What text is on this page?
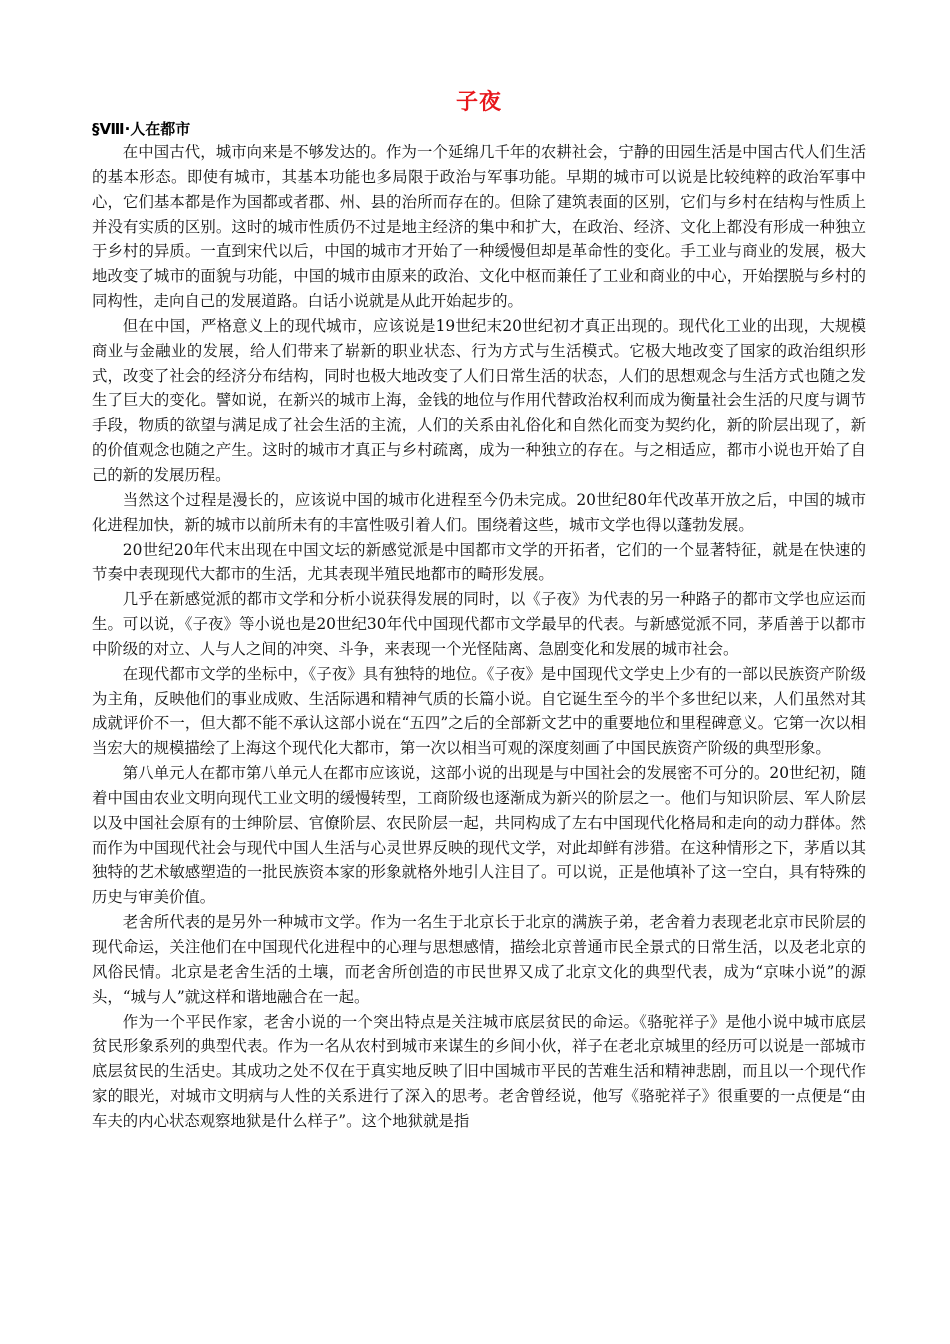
子夜
§Ⅷ·人在都市

在中国古代，城市向来是不够发达的。作为一个延绵几千年的农耕社会，宁静的田园生活是中国古代人们生活的基本形态。即使有城市，其基本功能也多局限于政治与军事功能。早期的城市可以说是比较纯粹的政治军事中心，它们基本都是作为国都或者郡、州、县的治所而存在的。但除了建筑表面的区别，它们与乡村在结构与性质上并没有实质的区别。这时的城市性质仍不过是地主经济的集中和扩大，在政治、经济、文化上都没有形成一种独立于乡村的异质。一直到宋代以后，中国的城市才开始了一种缓慢但却是革命性的变化。手工业与商业的发展，极大地改变了城市的面貌与功能，中国的城市由原来的政治、文化中枢而兼任了工业和商业的中心，开始摆脱与乡村的同构性，走向自己的发展道路。白话小说就是从此开始起步的。

但在中国，严格意义上的现代城市，应该说是19世纪末20世纪初才真正出现的。现代化工业的出现，大规模商业与金融业的发展，给人们带来了崭新的职业状态、行为方式与生活模式。它极大地改变了国家的政治组织形式，改变了社会的经济分布结构，同时也极大地改变了人们日常生活的状态，人们的思想观念与生活方式也随之发生了巨大的变化。譬如说，在新兴的城市上海，金钱的地位与作用代替政治权利而成为衡量社会生活的尺度与调节手段，物质的欲望与满足成了社会生活的主流，人们的关系由礼俗化和自然化而变为契约化，新的阶层出现了，新的价值观念也随之产生。这时的城市才真正与乡村疏离，成为一种独立的存在。与之相适应，都市小说也开始了自己的新的发展历程。

当然这个过程是漫长的，应该说中国的城市化进程至今仍未完成。20世纪80年代改革开放之后，中国的城市化进程加快，新的城市以前所未有的丰富性吸引着人们。围绕着这些，城市文学也得以蓬勃发展。

20世纪20年代末出现在中国文坛的新感觉派是中国都市文学的开拓者，它们的一个显著特征，就是在快速的节奏中表现现代大都市的生活，尤其表现半殖民地都市的畸形发展。

几乎在新感觉派的都市文学和分析小说获得发展的同时，以《子夜》为代表的另一种路子的都市文学也应运而生。可以说，《子夜》等小说也是20世纪30年代中国现代都市文学最早的代表。与新感觉派不同，茅盾善于以都市中阶级的对立、人与人之间的冲突、斗争，来表现一个光怪陆离、急剧变化和发展的城市社会。

在现代都市文学的坐标中，《子夜》具有独特的地位。《子夜》是中国现代文学史上少有的一部以民族资产阶级为主角，反映他们的事业成败、生活际遇和精神气质的长篇小说。自它诞生至今的半个多世纪以来，人们虽然对其成就评价不一，但大都不能不承认这部小说在“五四”之后的全部新文艺中的重要地位和里程碑意义。它第一次以相当宏大的规模描绘了上海这个现代化大都市，第一次以相当可观的深度刻画了中国民族资产阶级的典型形象。

第八单元人在都市第八单元人在都市应该说，这部小说的出现是与中国社会的发展密不可分的。20世纪初，随着中国由农业文明向现代工业文明的缓慢转型，工商阶级也逐渐成为新兴的阶层之一。他们与知识阶层、军人阶层以及中国社会原有的士绅阶层、官僚阶层、农民阶层一起，共同构成了左右中国现代化格局和走向的动力群体。然而作为中国现代社会与现代中国人生活与心灵世界反映的现代文学，对此却鲜有涉猎。在这种情形之下，茅盾以其独特的艺术敏感塑造的一批民族资本家的形象就格外地引人注目了。可以说，正是他填补了这一空白，具有特殊的历史与审美价值。

老舍所代表的是另外一种城市文学。作为一名生于北京长于北京的满族子弟，老舍着力表现老北京市民阶层的现代命运，关注他们在中国现代化进程中的心理与思想感情，描绘北京普通市民全景式的日常生活，以及老北京的风俗民情。北京是老舍生活的土壤，而老舍所创造的市民世界又成了北京文化的典型代表，成为“京味小说”的源头，“城与人”就这样和谐地融合在一起。

作为一个平民作家，老舍小说的一个突出特点是关注城市底层贫民的命运。《骆驼祥子》是他小说中城市底层贫民形象系列的典型代表。作为一名从农村到城市来谋生的乡间小伙，祥子在老北京城里的经历可以说是一部城市底层贫民的生活史。其成功之处不仅在于真实地反映了旧中国城市平民的苦难生活和精神悲剧，而且以一个现代作家的眼光，对城市文明病与人性的关系进行了深入的思考。老舍曾经说，他写《骆驼祥子》很重要的一点便是“由车夫的内心状态观察地狱是什么样子”。这个地狱就是指
